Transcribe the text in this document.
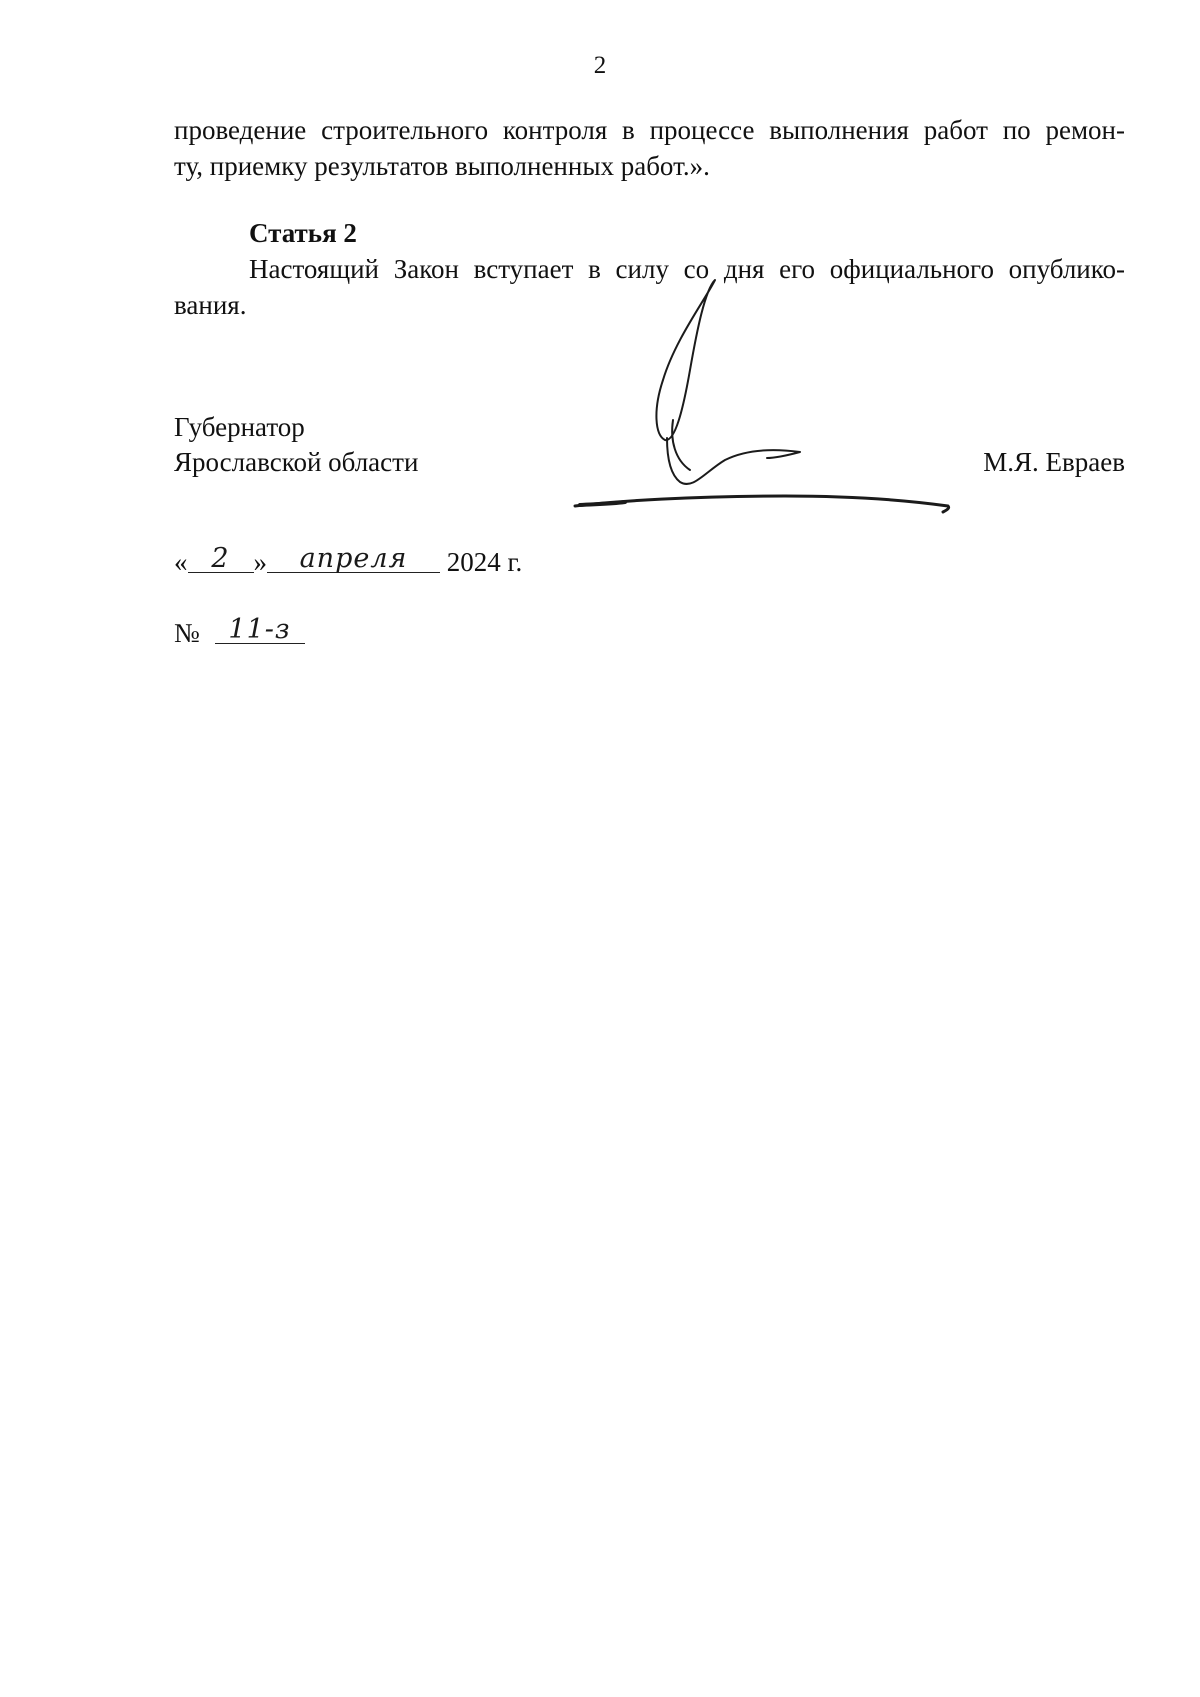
2
проведение строительного контроля в процессе выполнения работ по ремон-
ту, приемку результатов выполненных работ.».
Статья 2
Настоящий Закон вступает в силу со дня его официального опублико-
вания.
Губернатор
Ярославской области	М.Я. Евраев
« 2 » апреля 2024 г.
№ 11-з
